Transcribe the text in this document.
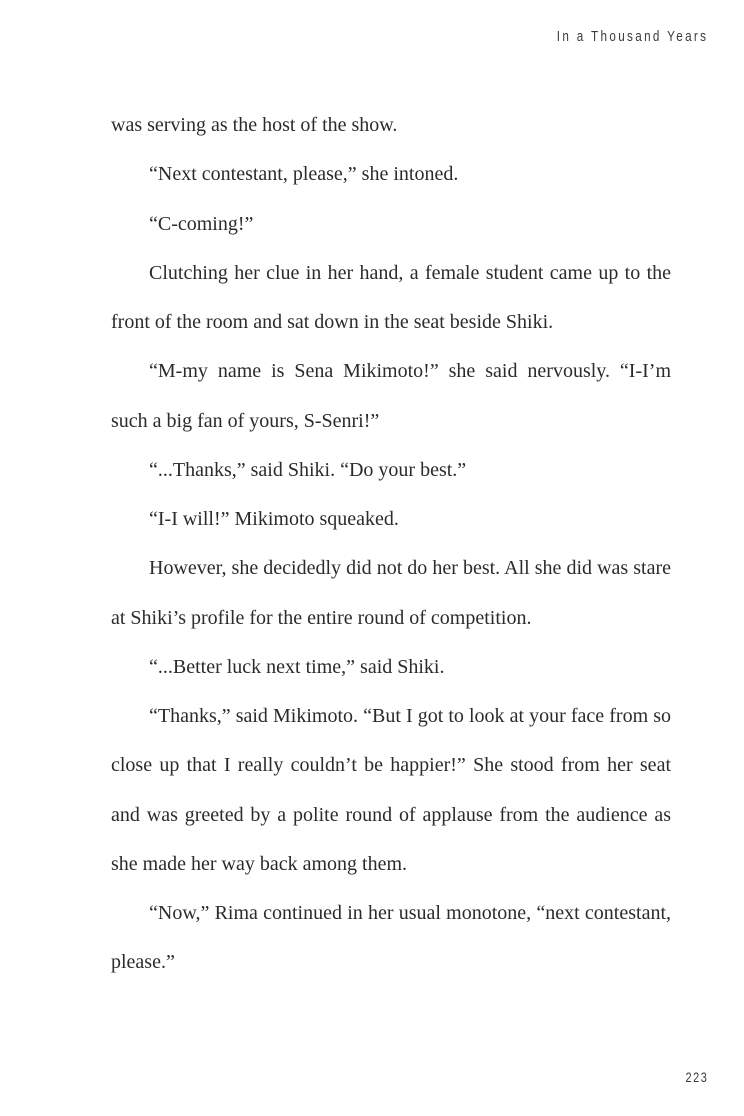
In a Thousand Years

was serving as the host of the show.

“Next contestant, please,” she intoned.

“C-coming!”

Clutching her clue in her hand, a female student came up to the front of the room and sat down in the seat beside Shiki.

“M-my name is Sena Mikimoto!” she said nervously. “I-I’m such a big fan of yours, S-Senri!”

“...Thanks,” said Shiki. “Do your best.”

“I-I will!” Mikimoto squeaked.

However, she decidedly did not do her best. All she did was stare at Shiki’s profile for the entire round of competition.

“...Better luck next time,” said Shiki.

“Thanks,” said Mikimoto. “But I got to look at your face from so close up that I really couldn’t be happier!” She stood from her seat and was greeted by a polite round of applause from the audience as she made her way back among them.

“Now,” Rima continued in her usual monotone, “next contestant, please.”

223
